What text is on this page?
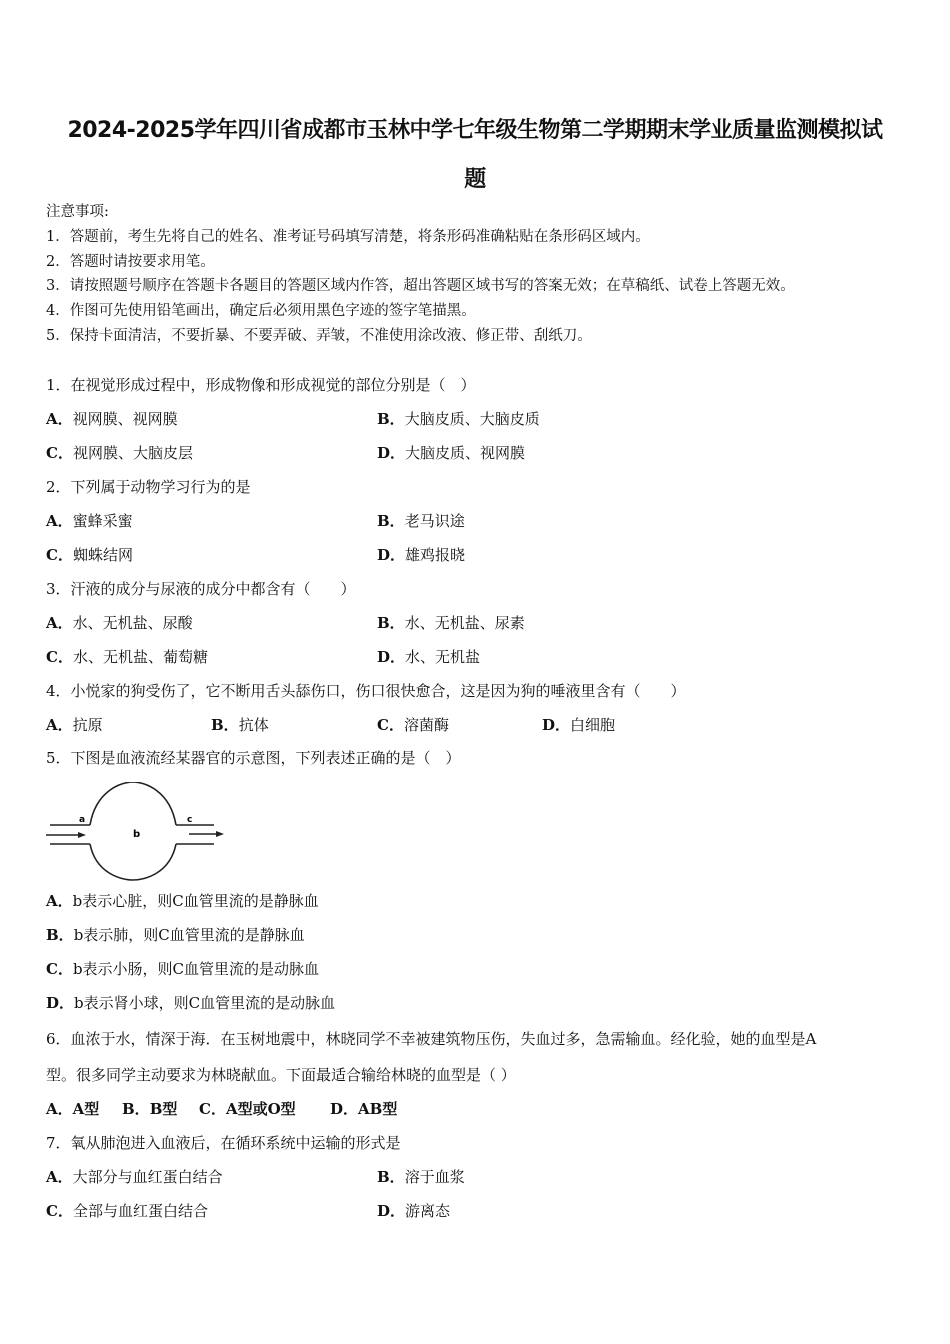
2024-2025学年四川省成都市玉林中学七年级生物第二学期期末学业质量监测模拟试
题
注意事项:
1．答题前，考生先将自己的姓名、准考证号码填写清楚，将条形码准确粘贴在条形码区域内。
2．答题时请按要求用笔。
3．请按照题号顺序在答题卡各题目的答题区域内作答，超出答题区域书写的答案无效；在草稿纸、试卷上答题无效。
4．作图可先使用铅笔画出，确定后必须用黑色字迹的签字笔描黑。
5．保持卡面清洁，不要折暴、不要弄破、弄皱，不准使用涂改液、修正带、刮纸刀。
1．在视觉形成过程中，形成物像和形成视觉的部位分别是（　）
A．视网膜、视网膜	B．大脑皮质、大脑皮质
C．视网膜、大脑皮层	D．大脑皮质、视网膜
2．下列属于动物学习行为的是
A．蜜蜂采蜜	B．老马识途
C．蜘蛛结网	D．雄鸡报晓
3．汗液的成分与尿液的成分中都含有（　　）
A．水、无机盐、尿酸	B．水、无机盐、尿素
C．水、无机盐、葡萄糖	D．水、无机盐
4．小悦家的狗受伤了，它不断用舌头舔伤口，伤口很快愈合，这是因为狗的唾液里含有（　　）
A．抗原	B．抗体	C．溶菌酶	D．白细胞
5．下图是血液流经某器官的示意图，下列表述正确的是（　）
a
b
c
A．b表示心脏，则C血管里流的是静脉血
B．b表示肺，则C血管里流的是静脉血
C．b表示小肠，则C血管里流的是动脉血
D．b表示肾小球，则C血管里流的是动脉血
6．血浓于水，情深于海．在玉树地震中，林晓同学不幸被建筑物压伤，失血过多，急需输血。经化验，她的血型是A
型。很多同学主动要求为林晓献血。下面最适合输给林晓的血型是（ ）
A．A型 B．B型 C．A型或O型 D．AB型
7．氧从肺泡进入血液后，在循环系统中运输的形式是
A．大部分与血红蛋白结合	B．溶于血浆
C．全部与血红蛋白结合	D．游离态
